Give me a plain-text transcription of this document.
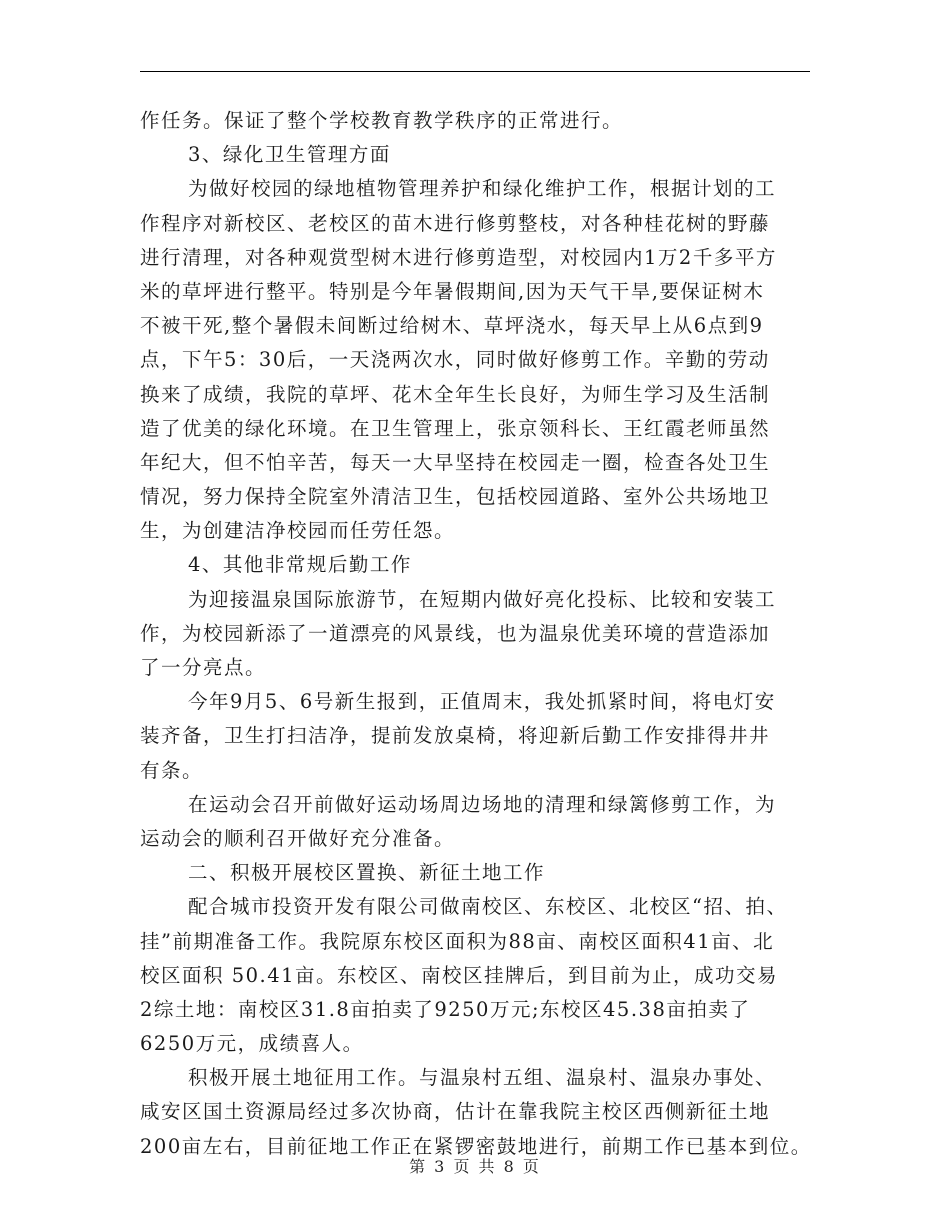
作任务。保证了整个学校教育教学秩序的正常进行。
3、绿化卫生管理方面
为做好校园的绿地植物管理养护和绿化维护工作，根据计划的工
作程序对新校区、老校区的苗木进行修剪整枝，对各种桂花树的野藤
进行清理，对各种观赏型树木进行修剪造型，对校园内1万2千多平方
米的草坪进行整平。特别是今年暑假期间,因为天气干旱,要保证树木
不被干死,整个暑假未间断过给树木、草坪浇水，每天早上从6点到9
点，下午5：30后，一天浇两次水，同时做好修剪工作。辛勤的劳动
换来了成绩，我院的草坪、花木全年生长良好，为师生学习及生活制
造了优美的绿化环境。在卫生管理上，张京领科长、王红霞老师虽然
年纪大，但不怕辛苦，每天一大早坚持在校园走一圈，检查各处卫生
情况，努力保持全院室外清洁卫生，包括校园道路、室外公共场地卫
生，为创建洁净校园而任劳任怨。
4、其他非常规后勤工作
为迎接温泉国际旅游节，在短期内做好亮化投标、比较和安装工
作，为校园新添了一道漂亮的风景线，也为温泉优美环境的营造添加
了一分亮点。
今年9月5、6号新生报到，正值周末，我处抓紧时间，将电灯安
装齐备，卫生打扫洁净，提前发放桌椅，将迎新后勤工作安排得井井
有条。
在运动会召开前做好运动场周边场地的清理和绿篱修剪工作，为
运动会的顺利召开做好充分准备。
二、积极开展校区置换、新征土地工作
配合城市投资开发有限公司做南校区、东校区、北校区“招、拍、
挂”前期准备工作。我院原东校区面积为88亩、南校区面积41亩、北
校区面积 50.41亩。东校区、南校区挂牌后，到目前为止，成功交易
2综土地：南校区31.8亩拍卖了9250万元;东校区45.38亩拍卖了
6250万元，成绩喜人。
积极开展土地征用工作。与温泉村五组、温泉村、温泉办事处、
咸安区国土资源局经过多次协商，估计在靠我院主校区西侧新征土地
200亩左右，目前征地工作正在紧锣密鼓地进行，前期工作已基本到位。
第 3 页 共 8 页
